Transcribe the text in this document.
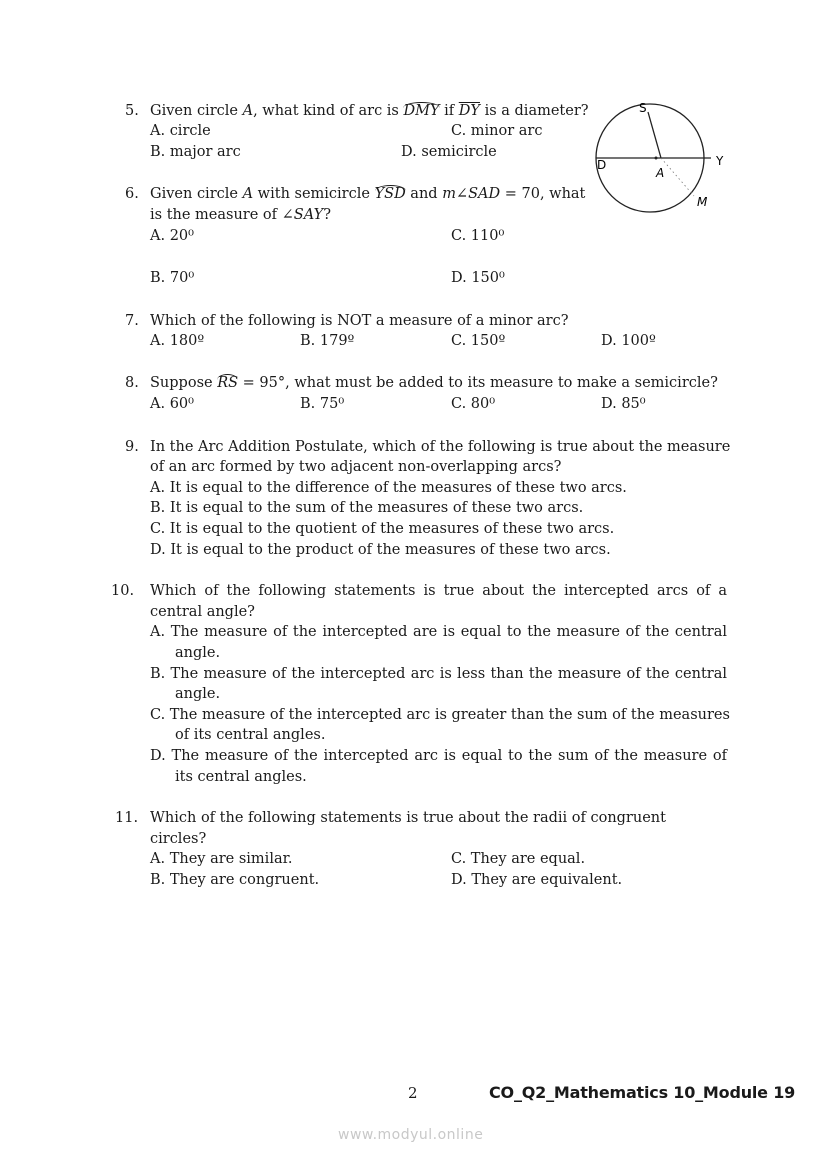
5. Given circle A, what kind of arc is DMY if $\overline{DY}$ is a diameter?
A. circle	C. minor arc
B. major arc	D. semicircle
S
D
A
Y
M
6. Given circle A with semicircle YSD and m∠SAD = 70, what
is the measure of ∠SAY?
A. 20⁰	C. 110⁰
B. 70⁰	D. 150⁰
7. Which of the following is NOT a measure of a minor arc?
A. 180º	B. 179º	C. 150º	D. 100º
8. Suppose RS = 95°, what must be added to its measure to make a semicircle?
A. 60⁰	B. 75⁰	C. 80⁰	D. 85⁰
9. In the Arc Addition Postulate, which of the following is true about the measure
of an arc formed by two adjacent non-overlapping arcs?
A. It is equal to the difference of the measures of these two arcs.
B. It is equal to the sum of the measures of these two arcs.
C. It is equal to the quotient of the measures of these two arcs.
D. It is equal to the product of the measures of these two arcs.
10. Which of the following statements is true about the intercepted arcs of a
central angle?
A. The measure of the intercepted are is equal to the measure of the central
angle.
B. The measure of the intercepted arc is less than the measure of the central
angle.
C. The measure of the intercepted arc is greater than the sum of the measures
of its central angles.
D. The measure of the intercepted arc is equal to the sum of the measure of
its central angles.
11. Which of the following statements is true about the radii of congruent
circles?
A. They are similar.	C. They are equal.
B. They are congruent.	D. They are equivalent.
2	CO_Q2_Mathematics 10_Module 19
www.modyul.online
